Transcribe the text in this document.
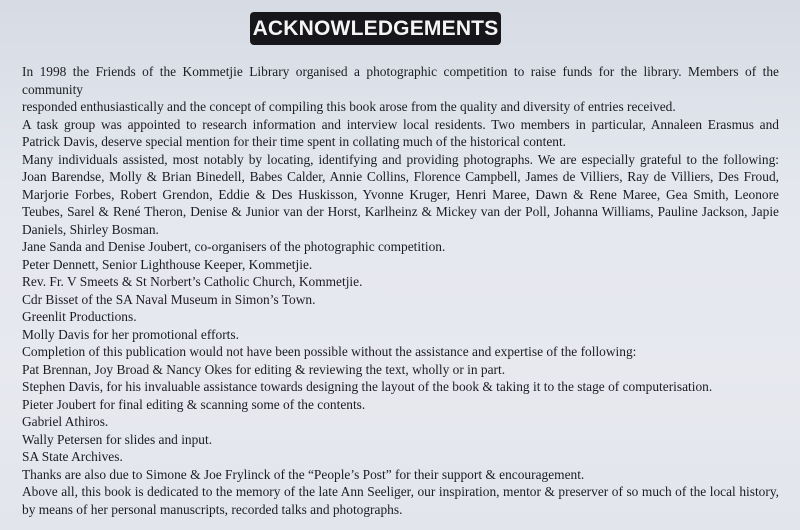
ACKNOWLEDGEMENTS
In 1998 the Friends of the Kommetjie Library organised a photographic competition to raise funds for the library. Members of the community
responded enthusiastically and the concept of compiling this book arose from the quality and diversity of entries received.
A task group was appointed to research information and interview local residents. Two members in particular, Annaleen Erasmus and
Patrick Davis, deserve special mention for their time spent in collating much of the historical content.
Many individuals assisted, most notably by locating, identifying and providing photographs. We are especially grateful to the following:
Joan Barendse, Molly & Brian Binedell, Babes Calder, Annie Collins, Florence Campbell, James de Villiers, Ray de Villiers, Des Froud,
Marjorie Forbes, Robert Grendon, Eddie & Des Huskisson, Yvonne Kruger, Henri Maree, Dawn & Rene Maree, Gea Smith, Leonore
Teubes, Sarel & René Theron, Denise & Junior van der Horst, Karlheinz & Mickey van der Poll, Johanna Williams, Pauline Jackson, Japie
Daniels, Shirley Bosman.
Jane Sanda and Denise Joubert, co-organisers of the photographic competition.
Peter Dennett, Senior Lighthouse Keeper, Kommetjie.
Rev. Fr. V Smeets & St Norbert’s Catholic Church, Kommetjie.
Cdr Bisset of the SA Naval Museum in Simon’s Town.
Greenlit Productions.
Molly Davis for her promotional efforts.
Completion of this publication would not have been possible without the assistance and expertise of the following:
Pat Brennan, Joy Broad & Nancy Okes for editing & reviewing the text, wholly or in part.
Stephen Davis, for his invaluable assistance towards designing the layout of the book & taking it to the stage of computerisation.
Pieter Joubert for final editing & scanning some of the contents.
Gabriel Athiros.
Wally Petersen for slides and input.
SA State Archives.
Thanks are also due to Simone & Joe Frylinck of the “People’s Post” for their support & encouragement.
Above all, this book is dedicated to the memory of the late Ann Seeliger, our inspiration, mentor & preserver of so much of the local history,
by means of her personal manuscripts, recorded talks and photographs.
